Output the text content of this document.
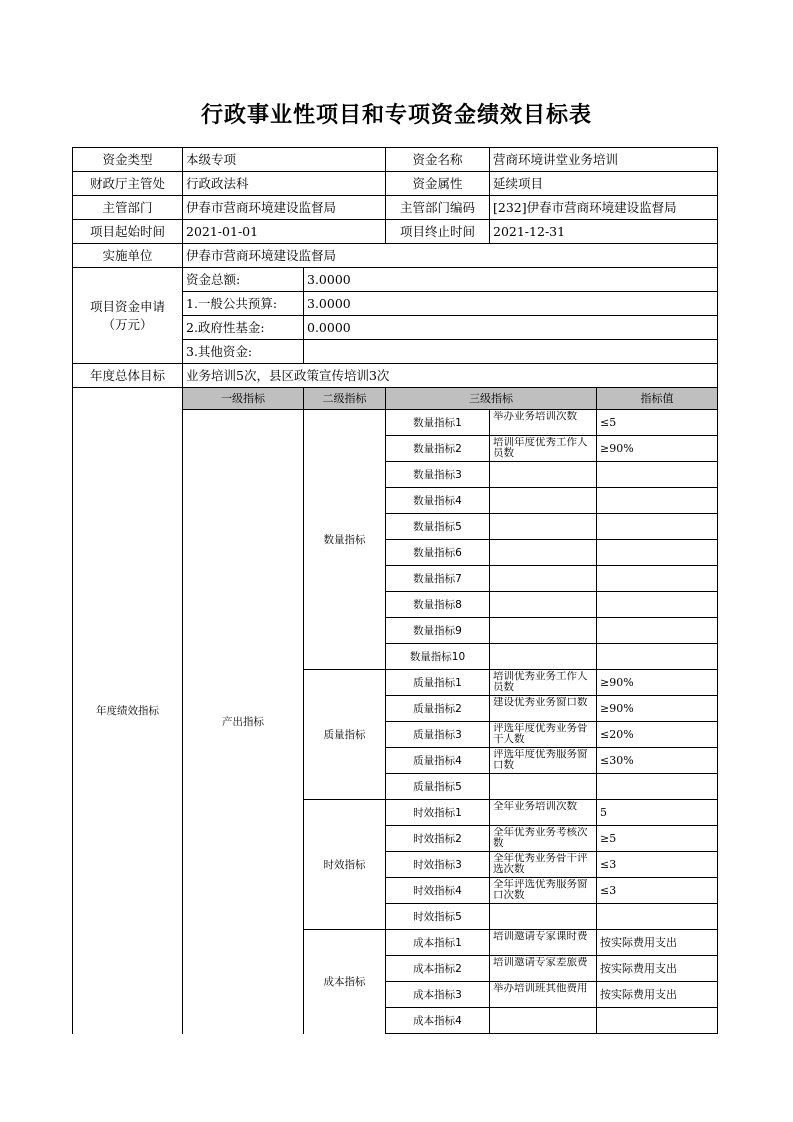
行政事业性项目和专项资金绩效目标表
资金类型	本级专项		资金名称	营商环境讲堂业务培训	
财政厅主管处	行政政法科		资金属性	延续项目	
主管部门	伊春市营商环境建设监督局		主管部门编码	[232]伊春市营商环境建设监督局	
项目起始时间	2021-01-01		项目终止时间	2021-12-31	
实施单位	伊春市营商环境建设监督局				
项目资金申请（万元）	资金总额:	3.0000			
	1.一般公共预算:	3.0000			
	2.政府性基金:	0.0000			
	3.其他资金:				
年度总体目标	业务培训5次，县区政策宣传培训3次				
年度绩效指标	一级指标	二级指标	三级指标		指标值
	产出指标	数量指标	数量指标1	举办业务培训次数	≤5
			数量指标2	培训年度优秀工作人员数	≥90%
			数量指标3	

			数量指标4	

			数量指标5	

			数量指标6	

			数量指标7	

			数量指标8	

			数量指标9	

			数量指标10	

		质量指标	质量指标1	培训优秀业务工作人员数	≥90%
			质量指标2	建设优秀业务窗口数	≥90%
			质量指标3	评选年度优秀业务骨干人数	≤20%
			质量指标4	评选年度优秀服务窗口数	≤30%
			质量指标5	

		时效指标	时效指标1	全年业务培训次数	5
			时效指标2	全年优秀业务考核次数	≥5
			时效指标3	全年优秀业务骨干评选次数	≤3
			时效指标4	全年评选优秀服务窗口次数	≤3
			时效指标5	

		成本指标	成本指标1	培训邀请专家课时费	按实际费用支出
			成本指标2	培训邀请专家差旅费	按实际费用支出
			成本指标3	举办培训班其他费用	按实际费用支出
			成本指标4	
